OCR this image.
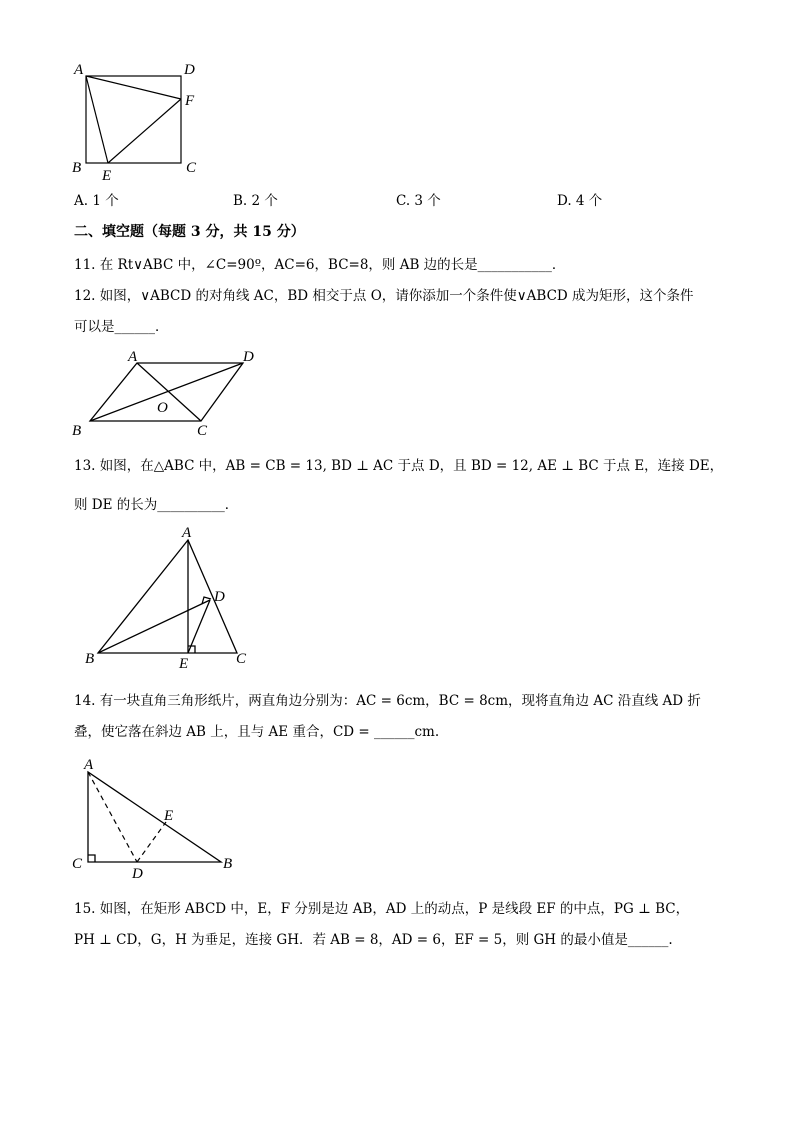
A	D
F
B E	C
A. 1 个	B. 2 个	C. 3 个	D. 4 个
二、填空题（每题 3 分，共 15 分）
11. 在 Rt∨ABC 中，∠C=90º，AC=6，BC=8，则 AB 边的长是___________．
12. 如图，∨ABCD 的对角线 AC，BD 相交于点 O，请你添加一个条件使∨ABCD 成为矩形，这个条件
可以是______．
A	D
O
B	C
13. 如图，在△ABC 中，AB = CB = 13, BD ⊥ AC 于点 D，且 BD = 12, AE ⊥ BC 于点 E，连接 DE，
则 DE 的长为__________．
A
D
B	E	C
14. 有一块直角三角形纸片，两直角边分别为：AC = 6cm，BC = 8cm，现将直角边 AC 沿直线 AD 折
叠，使它落在斜边 AB 上，且与 AE 重合，CD = ______cm.
A
E
C
D
B
15. 如图，在矩形 ABCD 中，E，F 分别是边 AB，AD 上的动点，P 是线段 EF 的中点，PG ⊥ BC，
PH ⊥ CD，G，H 为垂足，连接 GH．若 AB = 8，AD = 6，EF = 5，则 GH 的最小值是______.
